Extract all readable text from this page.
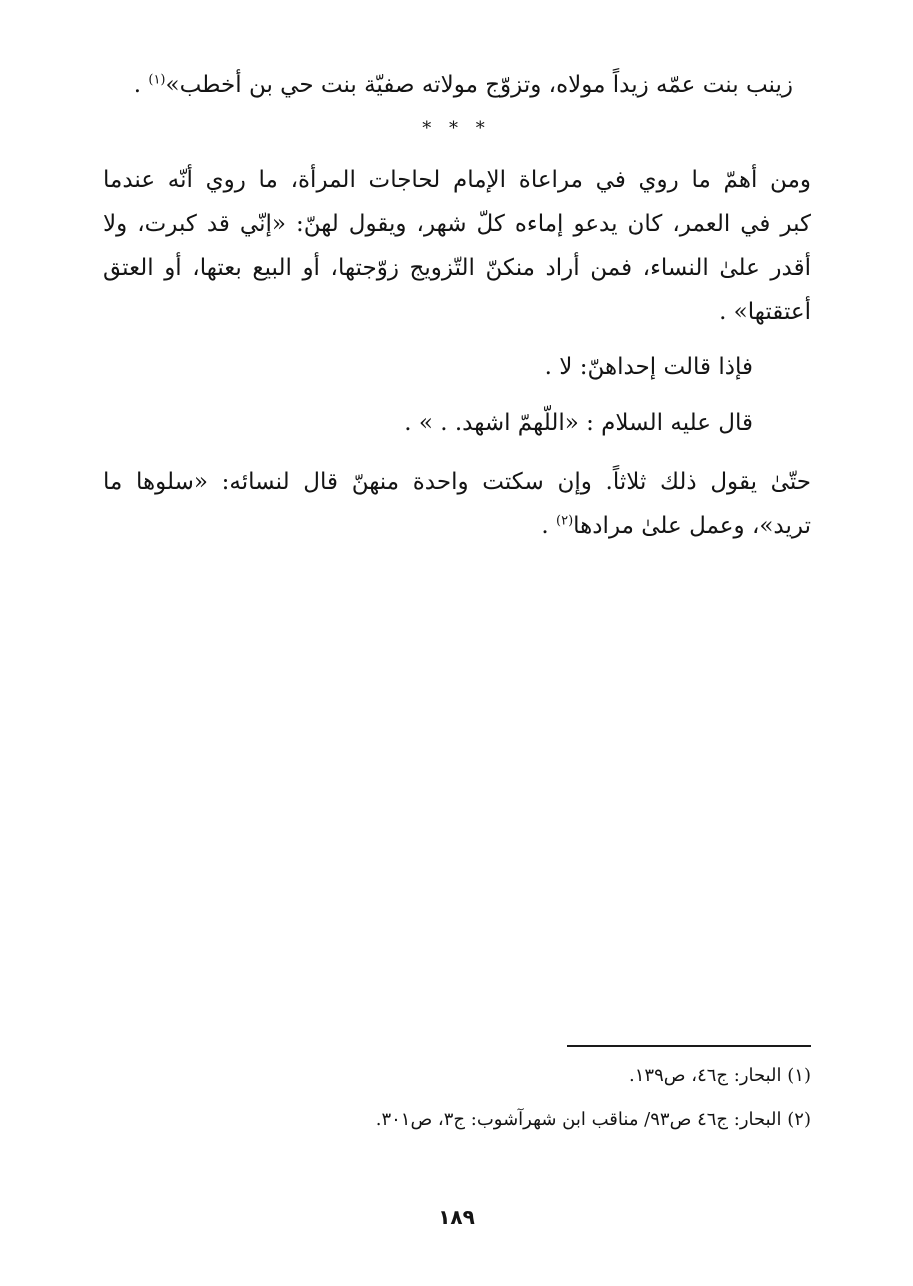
زينب بنت عمّه زيداً مولاه، وتزوّج مولاته صفيّة بنت حي بن أخطب»$^{(١)}$ .
* * *
ومن أهمّ ما روي في مراعاة الإمام لحاجات المرأة، ما روي أنّه عندما
كبر في العمر، كان يدعو إماءه كلّ شهر، ويقول لهنّ: «إنّي قد كبرت، ولا
أقدر علىٰ النساء، فمن أراد منكنّ التّزويج زوّجتها، أو البيع بعتها، أو العتق
أعتقتها» .
فإذا قالت إحداهنّ: لا .
قال عليه السلام : «اللّهمّ اشهد. . » .
حتّىٰ يقول ذلك ثلاثاً. وإن سكتت واحدة منهنّ قال لنسائه: «سلوها ما
تريد»، وعمل علىٰ مرادها$^{(٢)}$ .
(١) البحار: ج٤٦، ص١٣٩.
(٢) البحار: ج٤٦ ص٩٣/ مناقب ابن شهرآشوب: ج٣، ص٣٠١.
١٨٩
